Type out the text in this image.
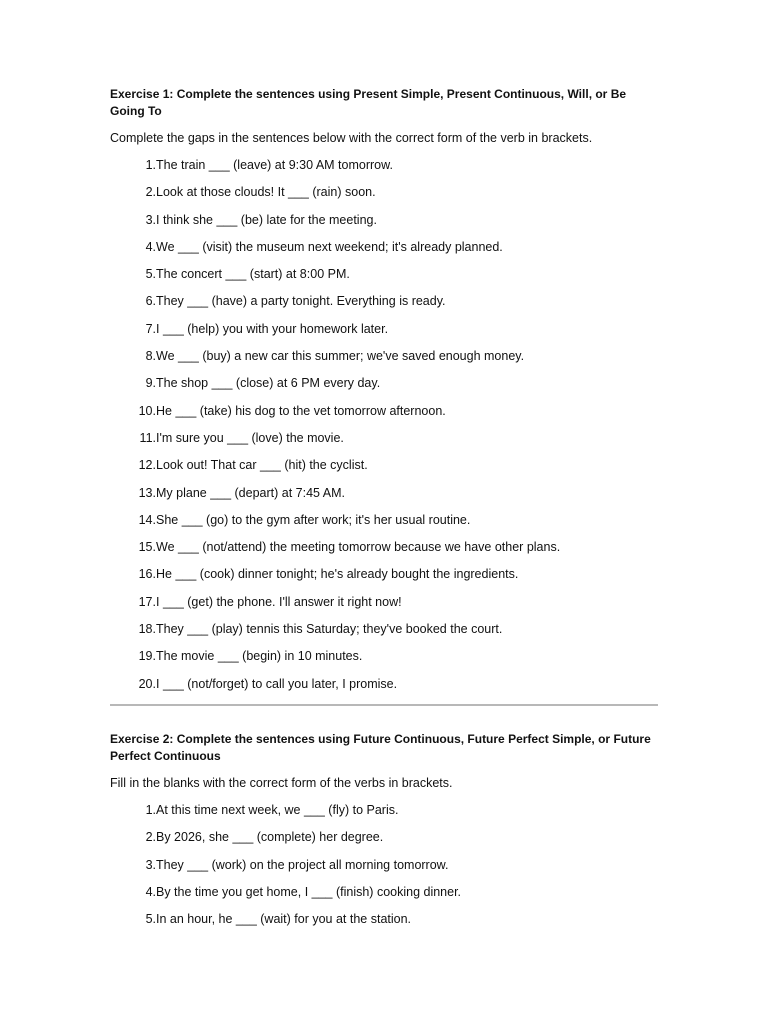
Exercise 1: Complete the sentences using Present Simple, Present Continuous, Will, or Be Going To

Complete the gaps in the sentences below with the correct form of the verb in brackets.

1. The train ___ (leave) at 9:30 AM tomorrow.
2. Look at those clouds! It ___ (rain) soon.
3. I think she ___ (be) late for the meeting.
4. We ___ (visit) the museum next weekend; it's already planned.
5. The concert ___ (start) at 8:00 PM.
6. They ___ (have) a party tonight. Everything is ready.
7. I ___ (help) you with your homework later.
8. We ___ (buy) a new car this summer; we've saved enough money.
9. The shop ___ (close) at 6 PM every day.
10. He ___ (take) his dog to the vet tomorrow afternoon.
11. I'm sure you ___ (love) the movie.
12. Look out! That car ___ (hit) the cyclist.
13. My plane ___ (depart) at 7:45 AM.
14. She ___ (go) to the gym after work; it's her usual routine.
15. We ___ (not/attend) the meeting tomorrow because we have other plans.
16. He ___ (cook) dinner tonight; he's already bought the ingredients.
17. I ___ (get) the phone. I'll answer it right now!
18. They ___ (play) tennis this Saturday; they've booked the court.
19. The movie ___ (begin) in 10 minutes.
20. I ___ (not/forget) to call you later, I promise.

Exercise 2: Complete the sentences using Future Continuous, Future Perfect Simple, or Future Perfect Continuous

Fill in the blanks with the correct form of the verbs in brackets.

1. At this time next week, we ___ (fly) to Paris.
2. By 2026, she ___ (complete) her degree.
3. They ___ (work) on the project all morning tomorrow.
4. By the time you get home, I ___ (finish) cooking dinner.
5. In an hour, he ___ (wait) for you at the station.
